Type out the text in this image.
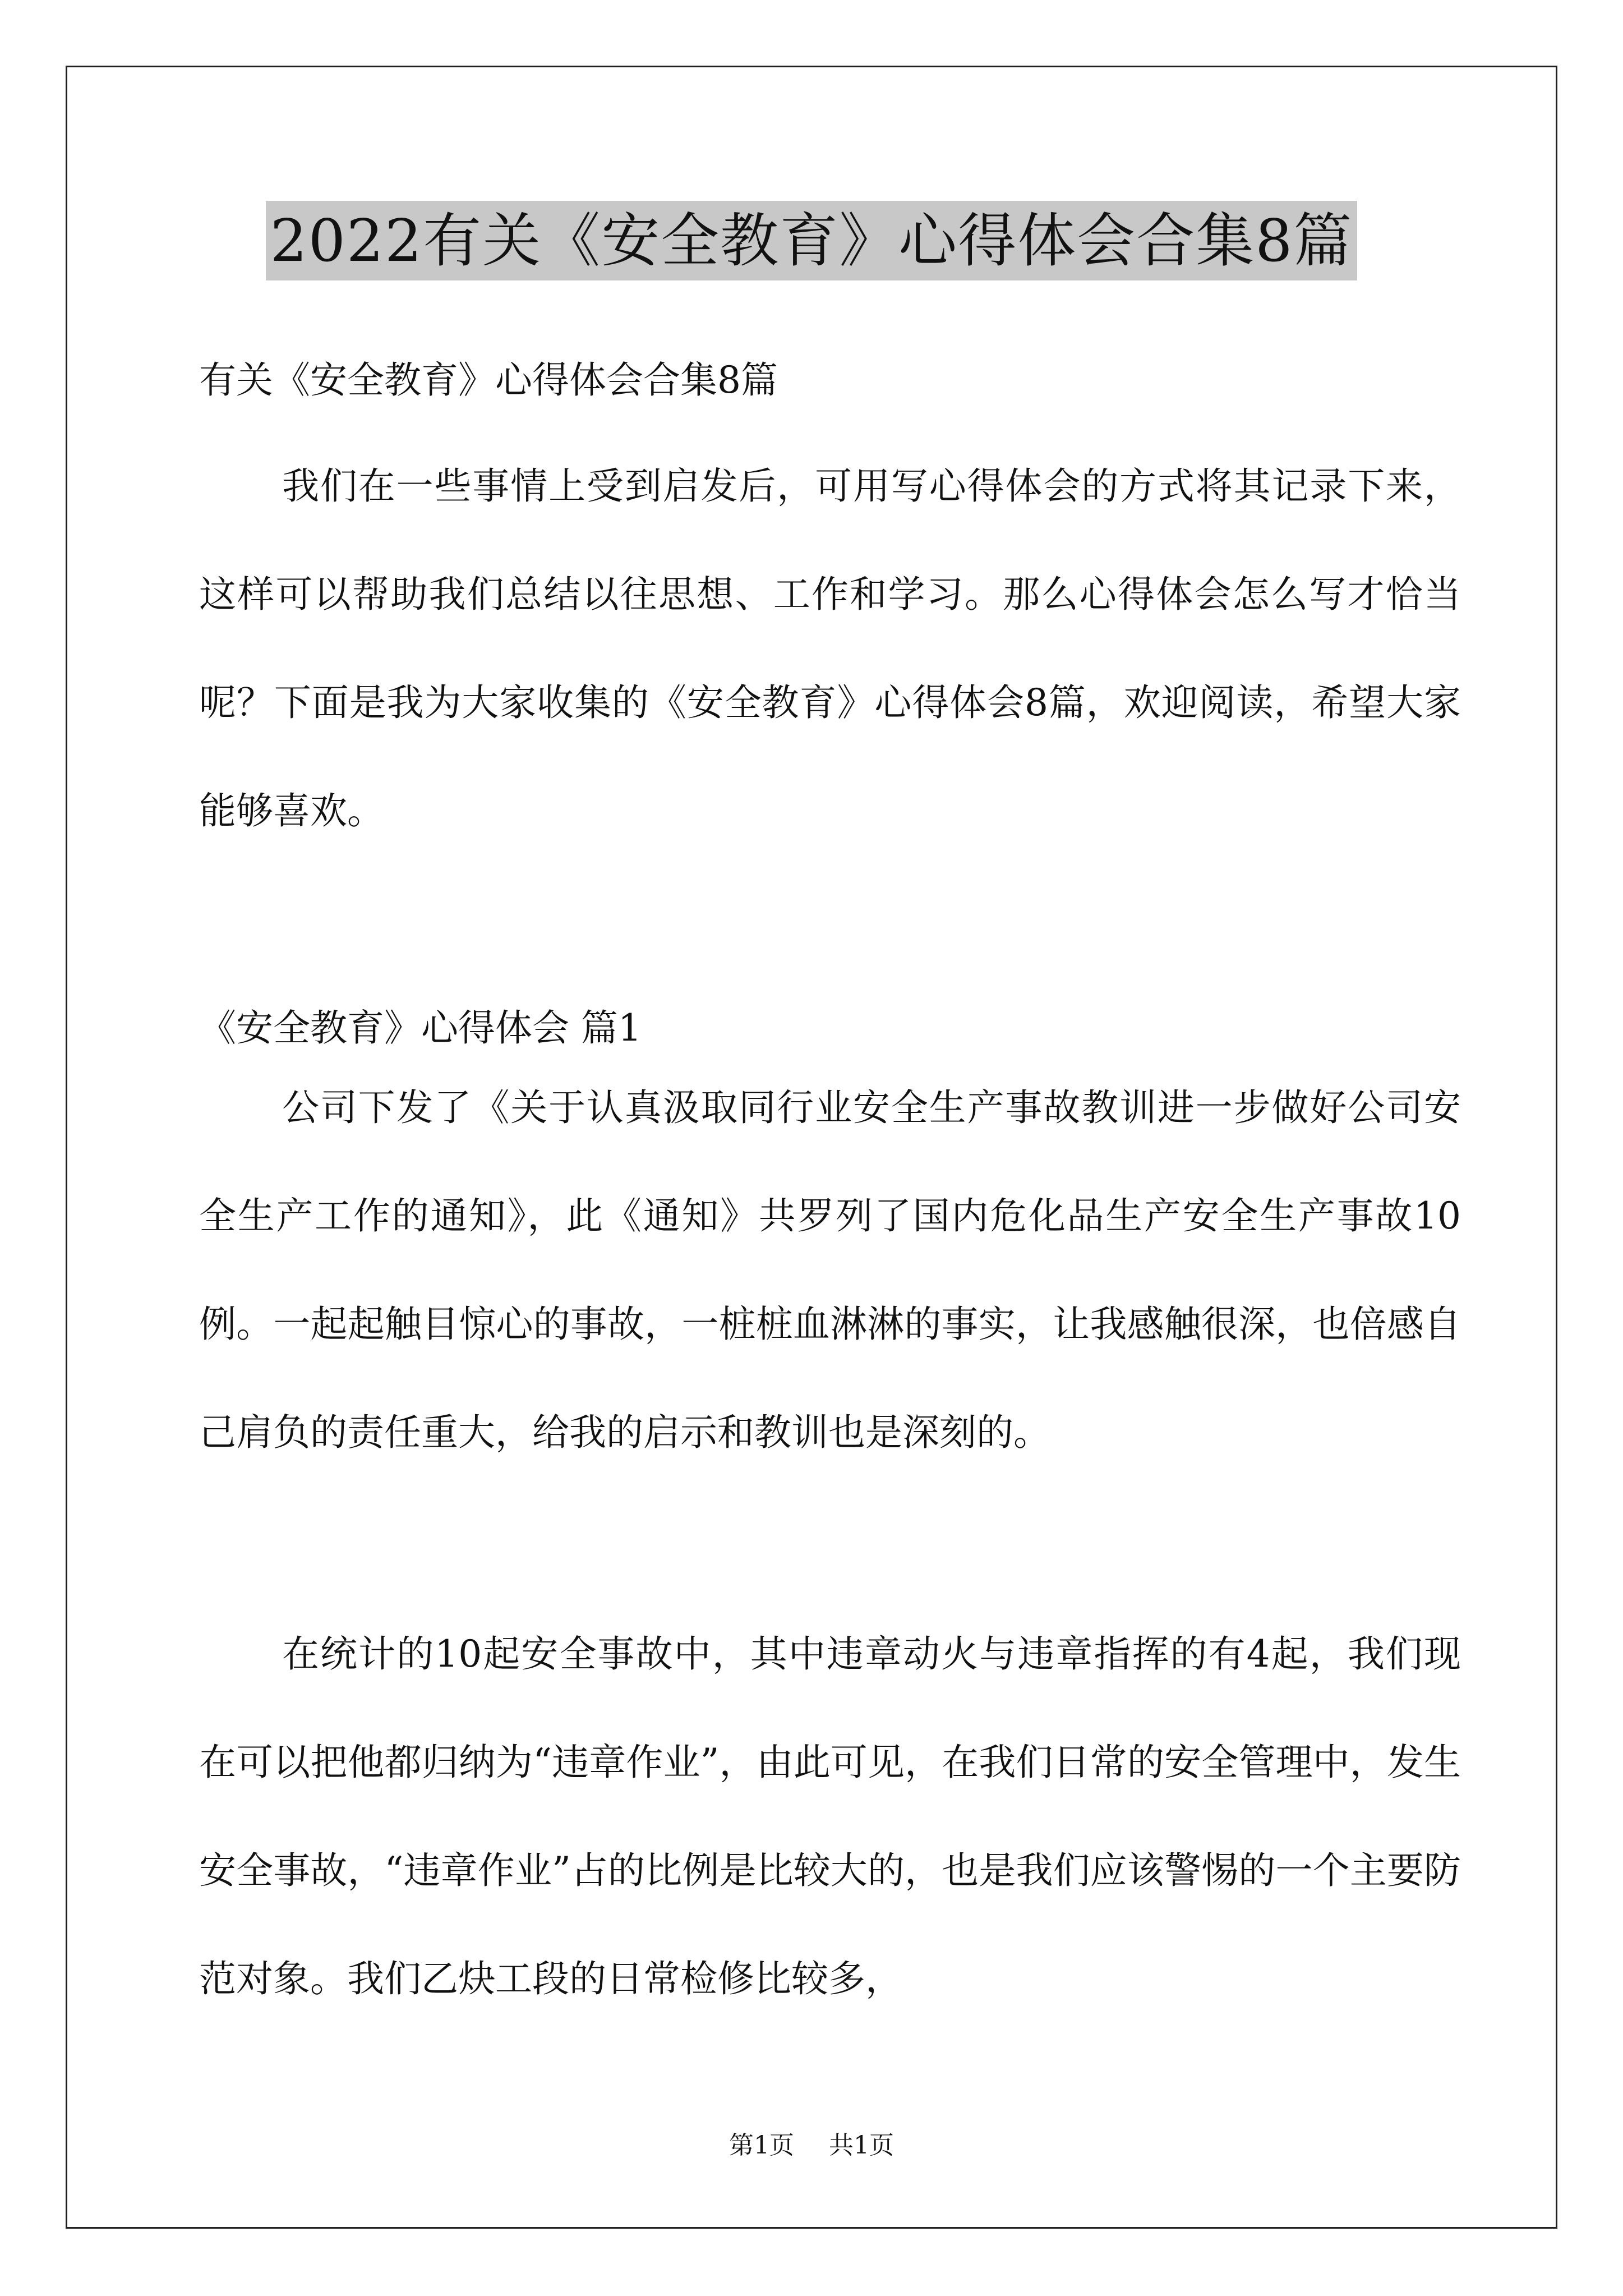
2022有关《安全教育》心得体会合集8篇
有关《安全教育》心得体会合集8篇

我们在一些事情上受到启发后，可用写心得体会的方式将其记录下来，这样可以帮助我们总结以往思想、工作和学习。那么心得体会怎么写才恰当呢？下面是我为大家收集的《安全教育》心得体会8篇，欢迎阅读，希望大家能够喜欢。

《安全教育》心得体会 篇1

公司下发了《关于认真汲取同行业安全生产事故教训进一步做好公司安全生产工作的通知》，此《通知》共罗列了国内危化品生产安全生产事故10例。一起起触目惊心的事故，一桩桩血淋淋的事实，让我感触很深，也倍感自己肩负的责任重大，给我的启示和教训也是深刻的。

在统计的10起安全事故中，其中违章动火与违章指挥的有4起，我们现在可以把他都归纳为“违章作业”，由此可见，在我们日常的安全管理中，发生安全事故，“违章作业”占的比例是比较大的，也是我们应该警惕的一个主要防范对象。我们乙炔工段的日常检修比较多，

第1页 共1页
